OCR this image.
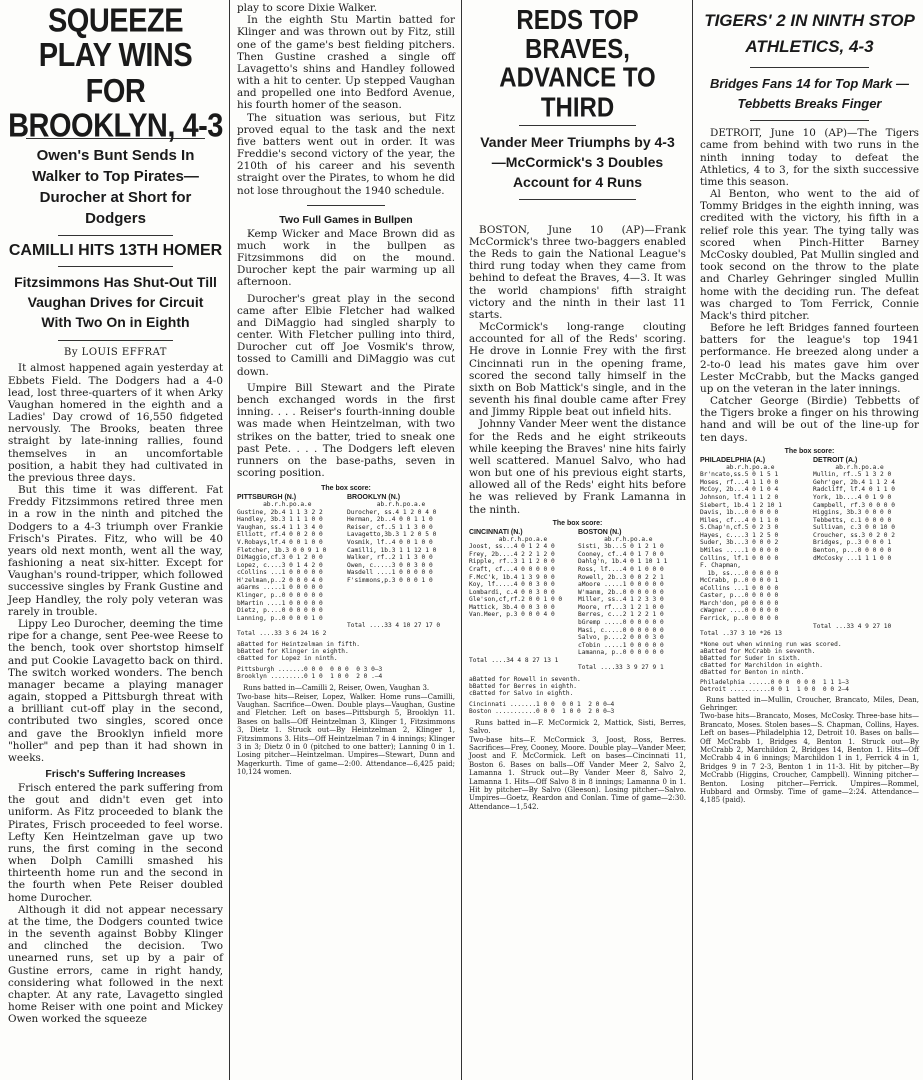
SQUEEZE PLAY WINS FOR BROOKLYN, 4-3

Owen's Bunt Sends In Walker to Top Pirates—Durocher at Short for Dodgers

CAMILLI HITS 13TH HOMER

Fitzsimmons Has Shut-Out Till Vaughan Drives for Circuit With Two On in Eighth

By LOUIS EFFRAT

It almost happened again yesterday at Ebbets Field. The Dodgers had a 4-0 lead, lost three-quarters of it when Arky Vaughan homered in the eighth and a Ladies' Day crowd of 16,550 fidgeted nervously. The Brooks, beaten three straight by late-inning rallies, found themselves in an uncomfortable position, a habit they had cultivated in the previous three days.

But this time it was different. Fat Freddy Fitzsimmons retired three men in a row in the ninth and pitched the Dodgers to a 4-3 triumph over Frankie Frisch's Pirates. Fitz, who will be 40 years old next month, went all the way, fashioning a neat six-hitter. Except for Vaughan's round-tripper, which followed successive singles by Frank Gustine and Jeep Handley, the roly poly veteran was rarely in trouble.

Lippy Leo Durocher, deeming the time ripe for a change, sent Pee-wee Reese to the bench, took over shortstop himself and put Cookie Lavagetto back on third. The switch worked wonders. The bench manager became a playing manager again, stopped a Pittsburgh threat with a brilliant cut-off play in the second, contributed two singles, scored once and gave the Brooklyn infield more "holler" and pep than it had shown in weeks.

Frisch's Suffering Increases

Frisch entered the park suffering from the gout and didn't even get into uniform. As Fitz proceeded to blank the Pirates, Frisch proceeded to feel worse. Lefty Ken Heintzelman gave up two runs, the first coming in the second when Dolph Camilli smashed his thirteenth home run and the second in the fourth when Pete Reiser doubled home Durocher.

Although it did not appear necessary at the time, the Dodgers counted twice in the seventh against Bobby Klinger and clinched the decision. Two unearned runs, set up by a pair of Gustine errors, came in right handy, considering what followed in the next chapter. At any rate, Lavagetto singled home Reiser with one point and Mickey Owen worked the squeeze

play to score Dixie Walker.

In the eighth Stu Martin batted for Klinger and was thrown out by Fitz, still one of the game's best fielding pitchers. Then Gustine crashed a single off Lavagetto's shins and Handley followed with a hit to center. Up stepped Vaughan and propelled one into Bedford Avenue, his fourth homer of the season.

The situation was serious, but Fitz proved equal to the task and the next five batters went out in order. It was Freddie's second victory of the year, the 210th of his career and his seventh straight over the Pirates, to whom he did not lose throughout the 1940 schedule.

Two Full Games in Bullpen

Kemp Wicker and Mace Brown did as much work in the bullpen as Fitzsimmons did on the mound. Durocher kept the pair warming up all afternoon.

Durocher's great play in the second came after Elbie Fletcher had walked and DiMaggio had singled sharply to center. With Fletcher pulling into third, Durocher cut off Joe Vosmik's throw, tossed to Camilli and DiMaggio was cut down.

Umpire Bill Stewart and the Pirate bench exchanged words in the first inning. . . . Reiser's fourth-inning double was made when Heintzelman, with two strikes on the batter, tried to sneak one past Pete. . . . The Dodgers left eleven runners on the base-paths, seven in scoring position.

The box score:

PITTSBURGH (N.)

ab.r.h.po.a.e
Gustine, 2b.4 1 1 3 2 2
Handley, 3b.3 1 1 1 0 0
Vaughan, ss.4 1 1 3 4 0
Elliott, rf.4 0 0 2 0 0
V.Robays,lf.4 0 0 1 0 0
Fletcher, 1b.3 0 0 9 1 0
DiMaggio,cf.3 0 1 2 0 0
Lopez, c....3 0 1 4 2 0
cCollins ...1 0 0 0 0 0
H'zelman,p..2 0 0 0 4 0
aGarms .....1 0 0 0 0 0
Klinger, p..0 0 0 0 0 0
bMartin ....1 0 0 0 0 0
Dietz, p....0 0 0 0 0 0
Lanning, p..0 0 0 0 1 0

Total ....33 3 6 24 16 2

BROOKLYN (N.)

ab.r.h.po.a.e
Durocher, ss.4 1 2 0 4 0
Herman, 2b..4 0 0 1 1 0
Reiser, cf..5 1 1 3 0 0
Lavagetto,3b.3 1 2 0 5 0
Vosmik, lf..4 0 0 1 0 0
Camilli, 1b.3 1 1 12 1 0
Walker, rf..2 1 1 3 0 0
Owen, c.....3 0 0 3 0 0
Wasdell ....1 0 0 0 0 0
F'simmons,p.3 0 0 0 1 0

Total ....33 4 10 27 17 0

aBatted for Heintzelman in fifth.

bBatted for Klinger in eighth.

cBatted for Lopez in ninth.

Pittsburgh .......0 0 0  0 0 0  0 3 0—3

Brooklyn .........0 1 0  1 0 0  2 0 .—4

Runs batted in—Camilli 2, Reiser, Owen, Vaughan 3.
Two-base hits—Reiser, Lopez, Walker. Home runs—Camilli, Vaughan. Sacrifice—Owen. Double plays—Vaughan, Gustine and Fletcher. Left on bases—Pittsburgh 5, Brooklyn 11. Bases on balls—Off Heintzelman 3, Klinger 1, Fitzsimmons 3, Dietz 1. Struck out—By Heintzelman 2, Klinger 1, Fitzsimmons 3. Hits—Off Heintzelman 7 in 4 innings; Klinger 3 in 3; Dietz 0 in 0 (pitched to one batter); Lanning 0 in 1. Losing pitcher—Heintzelman. Umpires—Stewart, Dunn and Magerkurth. Time of game—2:00. Attendance—6,425 paid; 10,124 women.

REDS TOP BRAVES, ADVANCE TO THIRD

Vander Meer Triumphs by 4-3 —McCormick's 3 Doubles Account for 4 Runs

BOSTON, June 10 (AP)—Frank McCormick's three two-baggers enabled the Reds to gain the National League's third rung today when they came from behind to defeat the Braves, 4—3. It was the world champions' fifth straight victory and the ninth in their last 11 starts.

McCormick's long-range clouting accounted for all of the Reds' scoring. He drove in Lonnie Frey with the first Cincinnati run in the opening frame, scored the second tally himself in the sixth on Bob Mattick's single, and in the seventh his final double came after Frey and Jimmy Ripple beat out infield hits.

Johnny Vander Meer went the distance for the Reds and he eight strikeouts while keeping the Braves' nine hits fairly well scattered. Manuel Salvo, who had won but one of his previous eight starts, allowed all of the Reds' eight hits before he was relieved by Frank Lamanna in the ninth.

The box score:

CINCINNATI (N.)

ab.r.h.po.a.e
Joost, ss...4 0 1 2 4 0
Frey, 2b....4 2 2 1 2 0
Ripple, rf..3 1 1 2 0 0
Craft, cf...4 0 0 0 0 0
F.McC'k, 1b.4 1 3 9 0 0
Koy, lf.....4 0 0 3 0 0
Lombardi, c.4 0 0 3 0 0
Gle'son,cf,rf.2 0 0 1 0 0
Mattick, 3b.4 0 0 3 0 0
Van.Meer, p.3 0 0 0 4 0

Total ....34 4 8 27 13 1

BOSTON (N.)

ab.r.h.po.a.e
Sisti, 3b...5 0 1 2 1 0
Cooney, cf..4 0 1 7 0 0
Dahlg'n, 1b.4 0 1 10 1 1
Ross, lf....4 0 1 0 0 0
Rowell, 2b..3 0 0 2 2 1
aMoore .....1 0 0 0 0 0
W'manm, 2b..0 0 0 0 0 0
Miller, ss..4 1 2 3 3 0
Moore, rf...3 1 2 1 0 0
Berres, c...2 1 2 2 1 0
bGremp .....0 0 0 0 0 0
Masi, c.....0 0 0 0 0 0
Salvo, p....2 0 0 0 3 0
cTobin .....1 0 0 0 0 0
Lamanna, p..0 0 0 0 0 0

Total ....33 3 9 27 9 1

aBatted for Rowell in seventh.

bBatted for Berres in eighth.

cBatted for Salvo in eighth.

Cincinnati .......1 0 0  0 0 1  2 0 0—4

Boston ...........0 0 0  1 0 0  2 0 0—3

Runs batted in—F. McCormick 2, Mattick, Sisti, Berres, Salvo.
Two-base hits—F. McCormick 3, Joost, Ross, Berres. Sacrifices—Frey, Cooney, Moore. Double play—Vander Meer, Joost and F. McCormick. Left on bases—Cincinnati 11, Boston 6. Bases on balls—Off Vander Meer 2, Salvo 2, Lamanna 1. Struck out—By Vander Meer 8, Salvo 2, Lamanna 1. Hits—Off Salvo 8 in 8 innings; Lamanna 0 in 1. Hit by pitcher—By Salvo (Gleeson). Losing pitcher—Salvo. Umpires—Goetz, Reardon and Conlan. Time of game—2:30. Attendance—1,542.

TIGERS' 2 IN NINTH STOP ATHLETICS, 4-3

Bridges Fans 14 for Top Mark —Tebbetts Breaks Finger

DETROIT, June 10 (AP)—The Tigers came from behind with two runs in the ninth inning today to defeat the Athletics, 4 to 3, for the sixth successive time this season.

Al Benton, who went to the aid of Tommy Bridges in the eighth inning, was credited with the victory, his fifth in a relief role this year. The tying tally was scored when Pinch-Hitter Barney McCosky doubled, Pat Mullin singled and took second on the throw to the plate and Charley Gehringer singled Mullin home with the deciding run. The defeat was charged to Tom Ferrick, Connie Mack's third pitcher.

Before he left Bridges fanned fourteen batters for the league's top 1941 performance. He breezed along under a 2-to-0 lead his mates gave him over Lester McCrabb, but the Macks ganged up on the veteran in the later innings.

Catcher George (Birdie) Tebbetts of the Tigers broke a finger on his throwing hand and will be out of the line-up for ten days.

The box score:

PHILADELPHIA (A.)

ab.r.h.po.a.e
Br'ncato,ss.5 0 1 5 1
Moses, rf...4 1 1 0 0
McCoy, 2b...4 0 1 0 4
Johnson, lf.4 1 1 2 0
Siebert, 1b.4 1 2 10 1
Davis, 1b...0 0 0 0 0
Miles, cf...4 0 1 1 0
S.Chap'n,cf.5 0 2 3 0
Hayes, c....3 1 2 5 0
Suder, 3b...3 0 0 0 2
bMiles .....1 0 0 0 0
Collins, lf.1 0 0 0 0
F. Chapman,
1b, ss....0 0 0 0 0
McCrabb, p..0 0 0 0 1
eCollins ...1 0 0 0 0
Caster, p...0 0 0 0 0
March'don, p0 0 0 0 0
cWagner ....0 0 0 0 0
Ferrick, p..0 0 0 0 0

Total ..37 3 10 *26 13

DETROIT (A.)

ab.r.h.po.a.e
Mullin, rf..5 1 3 2 0
Gehr'ger, 2b.4 1 1 2 4
Radcliff, lf.4 0 1 1 0
York, 1b....4 0 1 9 0
Campbell, rf.3 0 0 0 0
Higgins, 3b.3 0 0 0 0
Tebbetts, c.1 0 0 0 0
Sullivan, c.3 0 0 10 0
Croucher, ss.3 0 2 0 2
Bridges, p..3 0 0 0 1
Benton, p...0 0 0 0 0
dMcCosky ...1 1 1 0 0

Total ...33 4 9 27 10

*None out when winning run was scored.

aBatted for McCrabb in seventh.

bBatted for Suder in sixth.

cBatted for Marchildon in eighth.

dBatted for Benton in ninth.

Philadelphia ......0 0 0  0 0 0  1 1 1—3

Detroit ...........0 0 1  1 0 0  0 0 2—4

Runs batted in—Mullin, Croucher, Brancato, Miles, Dean, Gehringer.
Two-base hits—Brancato, Moses, McCosky. Three-base hits—Brancato, Moses. Stolen bases—S. Chapman, Collins, Hayes. Left on bases—Philadelphia 12, Detroit 10. Bases on balls—Off McCrabb 1, Bridges 4, Benton 1. Struck out—By McCrabb 2, Marchildon 2, Bridges 14, Benton 1. Hits—Off McCrabb 4 in 6 innings; Marchildon 1 in 1, Ferrick 4 in 1, Bridges 9 in 7 2-3, Benton 1 in 11-3. Hit by pitcher—By McCrabb (Higgins, Croucher, Campbell). Winning pitcher—Benton. Losing pitcher—Ferrick. Umpires—Rommel, Hubbard and Ormsby. Time of game—2:24. Attendance—4,185 (paid).
